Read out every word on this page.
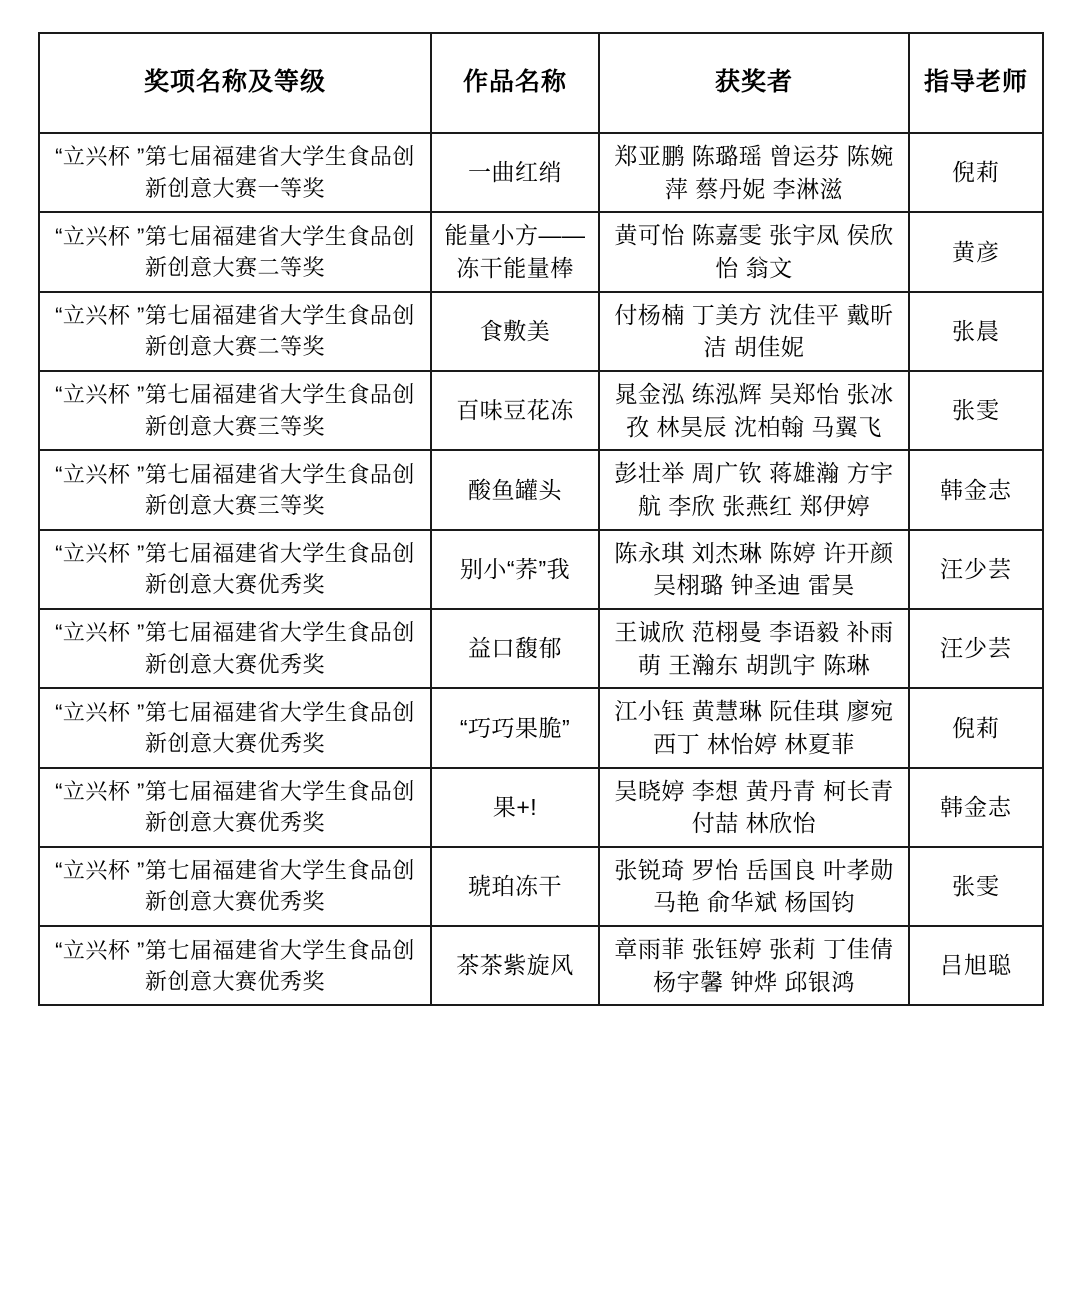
奖项名称及等级	作品名称	获奖者	指导老师
“立兴杯 ”第七届福建省大学生食品创新创意大赛一等奖	一曲红绡	郑亚鹏 陈璐瑶 曾运芬 陈婉萍 蔡丹妮 李淋滋	倪莉
“立兴杯 ”第七届福建省大学生食品创新创意大赛二等奖	能量小方——冻干能量棒	黄可怡 陈嘉雯 张宇凤 侯欣怡 翁文	黄彦
“立兴杯 ”第七届福建省大学生食品创新创意大赛二等奖	食敷美	付杨楠 丁美方 沈佳平 戴昕洁 胡佳妮	张晨
“立兴杯 ”第七届福建省大学生食品创新创意大赛三等奖	百味豆花冻	晁金泓 练泓辉 吴郑怡 张冰孜 林昊辰 沈柏翰 马翼飞	张雯
“立兴杯 ”第七届福建省大学生食品创新创意大赛三等奖	酸鱼罐头	彭壮举 周广钦 蒋雄瀚 方宇航 李欣 张燕红 郑伊婷	韩金志
“立兴杯 ”第七届福建省大学生食品创新创意大赛优秀奖	别小“荞”我	陈永琪 刘杰琳 陈婷 许开颜 吴栩璐 钟圣迪 雷昊	汪少芸
“立兴杯 ”第七届福建省大学生食品创新创意大赛优秀奖	益口馥郁	王诚欣 范栩曼 李语毅 补雨萌 王瀚东 胡凯宇 陈琳	汪少芸
“立兴杯 ”第七届福建省大学生食品创新创意大赛优秀奖	“巧巧果脆”	江小钰 黄慧琳 阮佳琪 廖宛西丁 林怡婷 林夏菲	倪莉
“立兴杯 ”第七届福建省大学生食品创新创意大赛优秀奖	果+!	吴晓婷 李想 黄丹青 柯长青 付喆 林欣怡	韩金志
“立兴杯 ”第七届福建省大学生食品创新创意大赛优秀奖	琥珀冻干	张锐琦 罗怡 岳国良 叶孝勋 马艳 俞华斌 杨国钧	张雯
“立兴杯 ”第七届福建省大学生食品创新创意大赛优秀奖	茶茶紫旋风	章雨菲 张钰婷 张莉 丁佳倩 杨宇馨 钟烨 邱银鸿	吕旭聪
